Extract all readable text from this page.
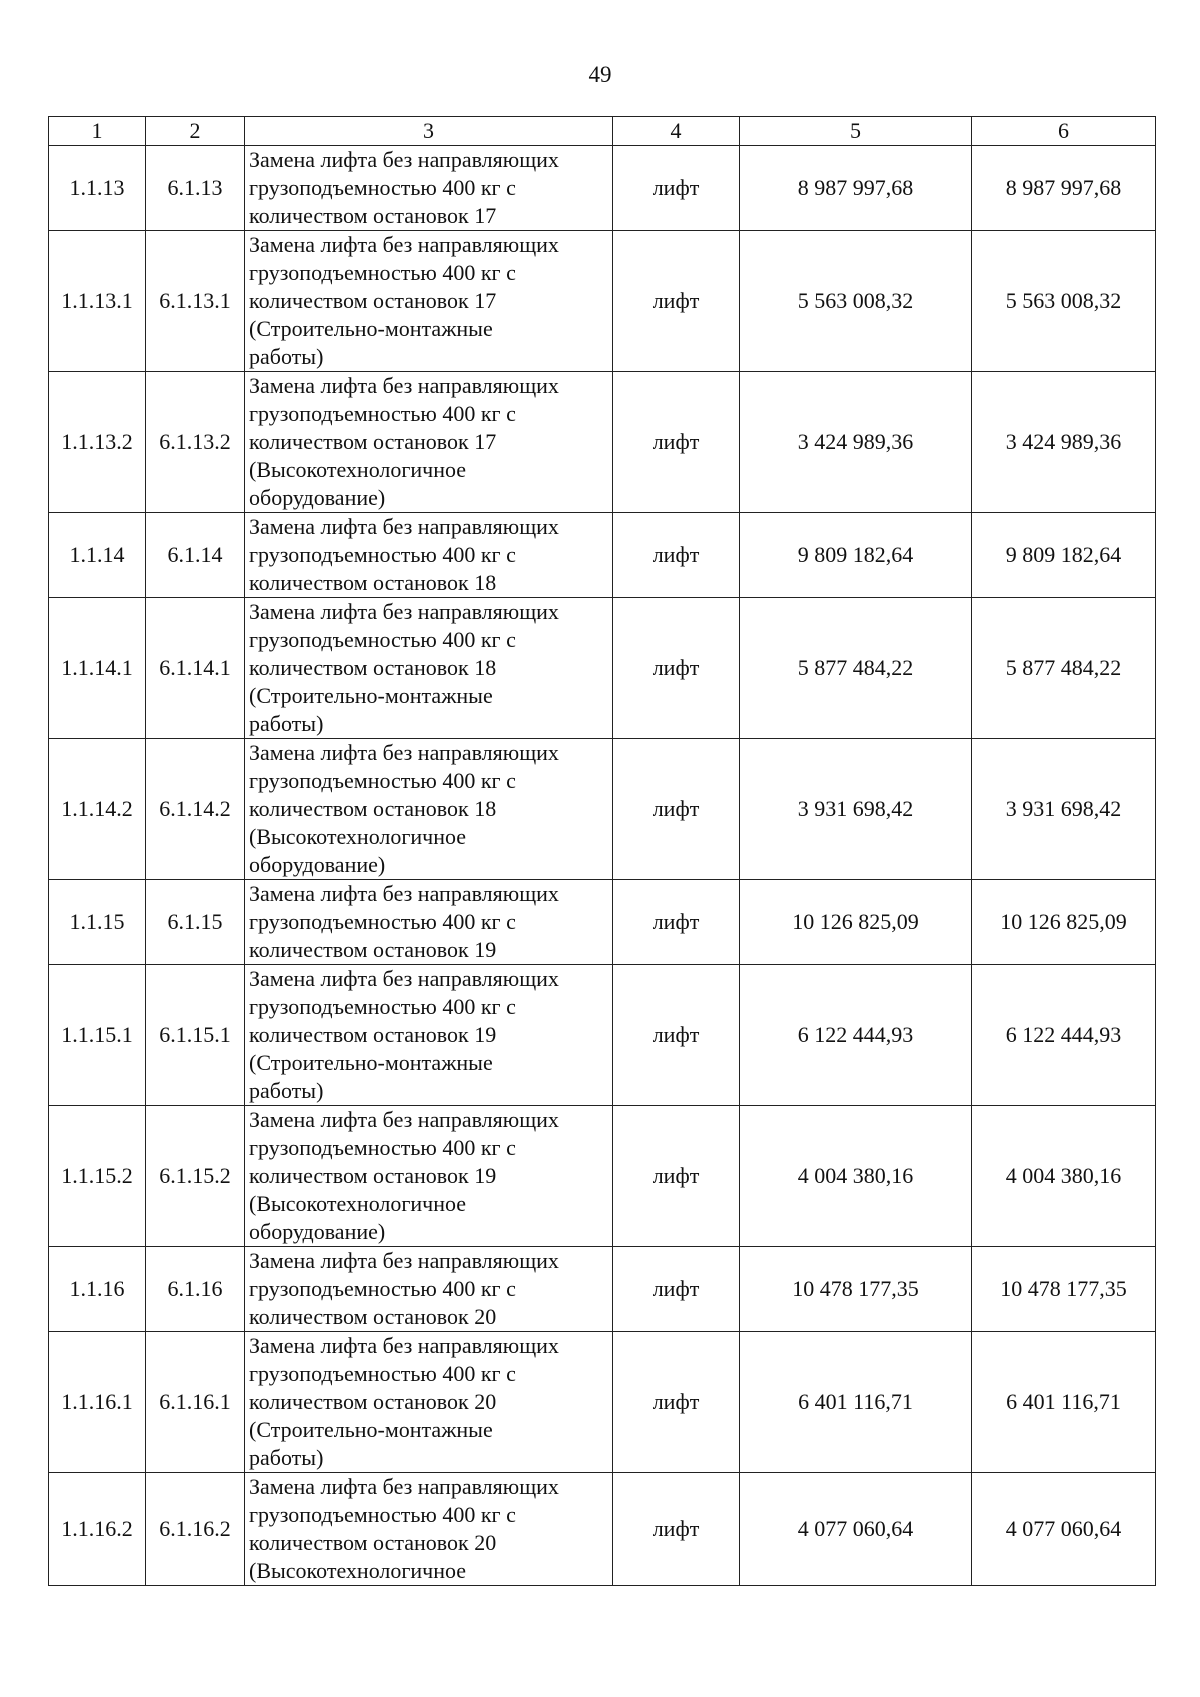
49
1	2	3	4	5	6
1.1.13	6.1.13	Замена лифта без направляющих
грузоподъемностью 400 кг с
количеством остановок 17	лифт	8 987 997,68	8 987 997,68
1.1.13.1	6.1.13.1	Замена лифта без направляющих
грузоподъемностью 400 кг с
количеством остановок 17
(Строительно-монтажные
работы)	лифт	5 563 008,32	5 563 008,32
1.1.13.2	6.1.13.2	Замена лифта без направляющих
грузоподъемностью 400 кг с
количеством остановок 17
(Высокотехнологичное
оборудование)	лифт	3 424 989,36	3 424 989,36
1.1.14	6.1.14	Замена лифта без направляющих
грузоподъемностью 400 кг с
количеством остановок 18	лифт	9 809 182,64	9 809 182,64
1.1.14.1	6.1.14.1	Замена лифта без направляющих
грузоподъемностью 400 кг с
количеством остановок 18
(Строительно-монтажные
работы)	лифт	5 877 484,22	5 877 484,22
1.1.14.2	6.1.14.2	Замена лифта без направляющих
грузоподъемностью 400 кг с
количеством остановок 18
(Высокотехнологичное
оборудование)	лифт	3 931 698,42	3 931 698,42
1.1.15	6.1.15	Замена лифта без направляющих
грузоподъемностью 400 кг с
количеством остановок 19	лифт	10 126 825,09	10 126 825,09
1.1.15.1	6.1.15.1	Замена лифта без направляющих
грузоподъемностью 400 кг с
количеством остановок 19
(Строительно-монтажные
работы)	лифт	6 122 444,93	6 122 444,93
1.1.15.2	6.1.15.2	Замена лифта без направляющих
грузоподъемностью 400 кг с
количеством остановок 19
(Высокотехнологичное
оборудование)	лифт	4 004 380,16	4 004 380,16
1.1.16	6.1.16	Замена лифта без направляющих
грузоподъемностью 400 кг с
количеством остановок 20	лифт	10 478 177,35	10 478 177,35
1.1.16.1	6.1.16.1	Замена лифта без направляющих
грузоподъемностью 400 кг с
количеством остановок 20
(Строительно-монтажные
работы)	лифт	6 401 116,71	6 401 116,71
1.1.16.2	6.1.16.2	Замена лифта без направляющих
грузоподъемностью 400 кг с
количеством остановок 20
(Высокотехнологичное	лифт	4 077 060,64	4 077 060,64
